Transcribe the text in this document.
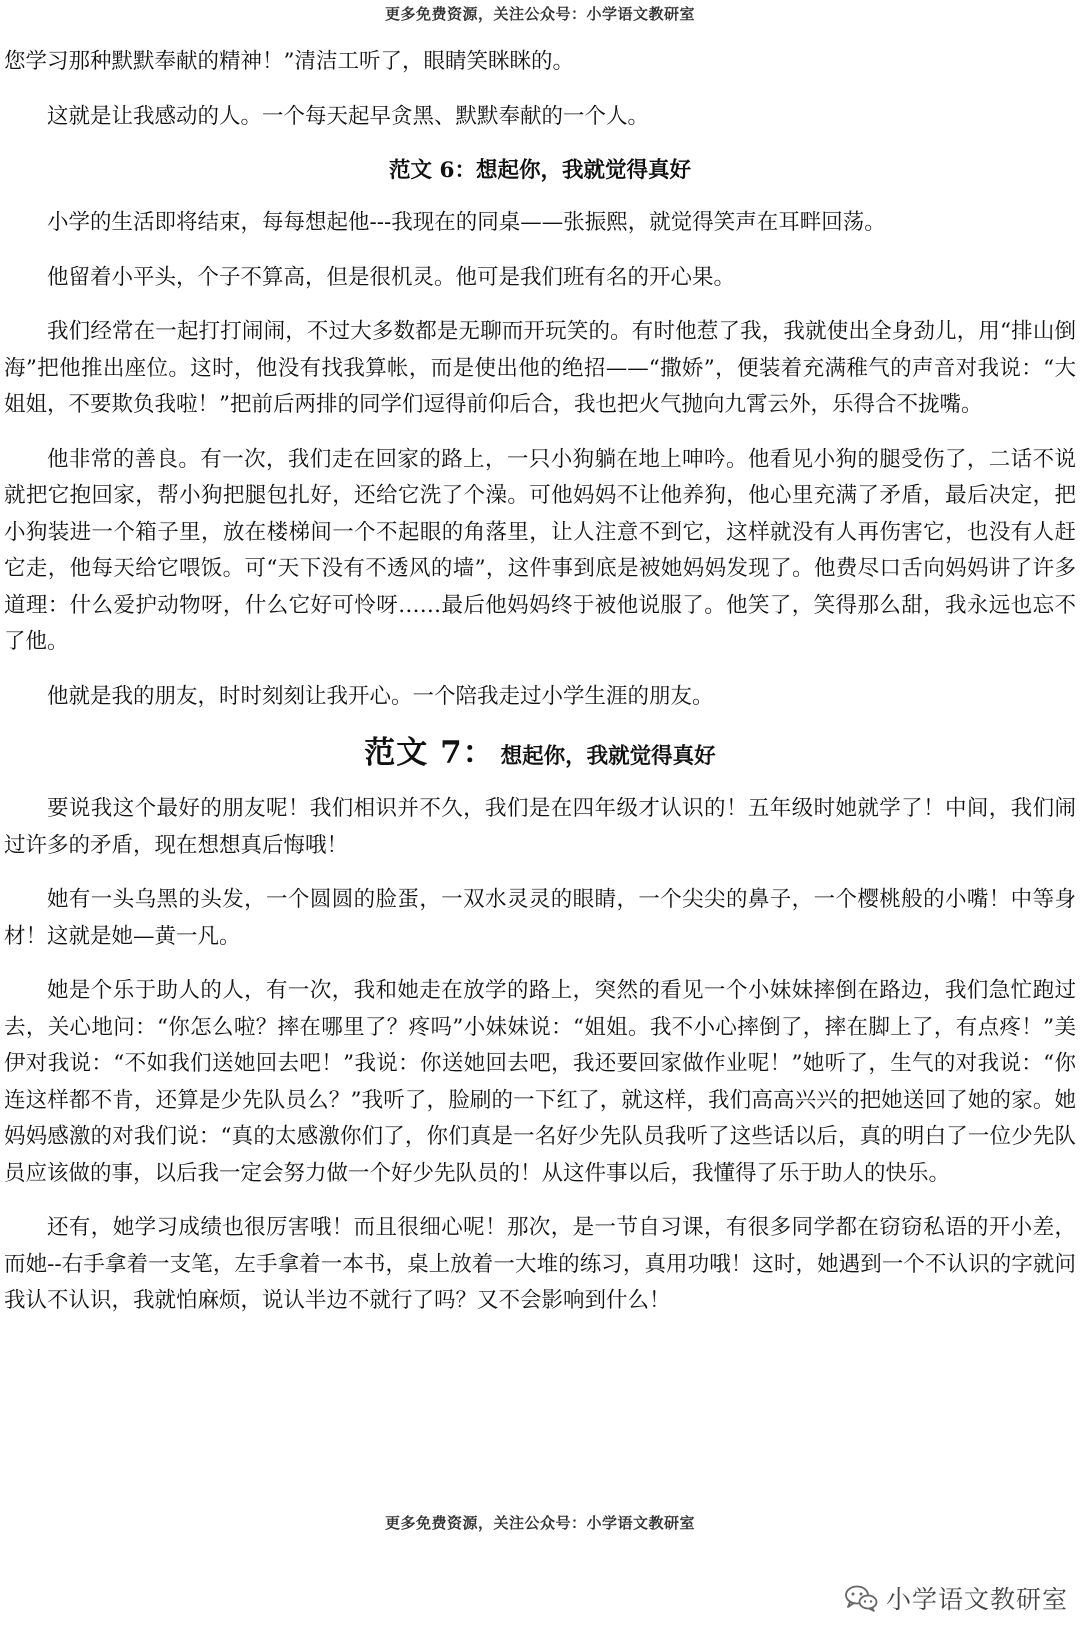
更多免费资源，关注公众号：小学语文教研室

您学习那种默默奉献的精神！”清洁工听了，眼睛笑眯眯的。

这就是让我感动的人。一个每天起早贪黑、默默奉献的一个人。

范文 6：想起你，我就觉得真好

小学的生活即将结束，每每想起他---我现在的同桌——张振熙，就觉得笑声在耳畔回荡。

他留着小平头，个子不算高，但是很机灵。他可是我们班有名的开心果。

我们经常在一起打打闹闹，不过大多数都是无聊而开玩笑的。有时他惹了我，我就使出全身劲儿，用“排山倒海”把他推出座位。这时，他没有找我算帐，而是使出他的绝招——“撒娇”，便装着充满稚气的声音对我说：“大姐姐，不要欺负我啦！”把前后两排的同学们逗得前仰后合，我也把火气抛向九霄云外，乐得合不拢嘴。

他非常的善良。有一次，我们走在回家的路上，一只小狗躺在地上呻吟。他看见小狗的腿受伤了，二话不说就把它抱回家，帮小狗把腿包扎好，还给它洗了个澡。可他妈妈不让他养狗，他心里充满了矛盾，最后决定，把小狗装进一个箱子里，放在楼梯间一个不起眼的角落里，让人注意不到它，这样就没有人再伤害它，也没有人赶它走，他每天给它喂饭。可“天下没有不透风的墙”，这件事到底是被她妈妈发现了。他费尽口舌向妈妈讲了许多道理：什么爱护动物呀，什么它好可怜呀……最后他妈妈终于被他说服了。他笑了，笑得那么甜，我永远也忘不了他。

他就是我的朋友，时时刻刻让我开心。一个陪我走过小学生涯的朋友。

范文 7： 想起你，我就觉得真好

要说我这个最好的朋友呢！我们相识并不久，我们是在四年级才认识的！五年级时她就学了！中间，我们闹过许多的矛盾，现在想想真后悔哦！

她有一头乌黑的头发，一个圆圆的脸蛋，一双水灵灵的眼睛，一个尖尖的鼻子，一个樱桃般的小嘴！中等身材！这就是她—黄一凡。

她是个乐于助人的人，有一次，我和她走在放学的路上，突然的看见一个小妹妹摔倒在路边，我们急忙跑过去，关心地问：“你怎么啦？摔在哪里了？疼吗”小妹妹说：“姐姐。我不小心摔倒了，摔在脚上了，有点疼！”美伊对我说：“不如我们送她回去吧！”我说：你送她回去吧，我还要回家做作业呢！”她听了，生气的对我说：“你连这样都不肯，还算是少先队员么？”我听了，脸刷的一下红了，就这样，我们高高兴兴的把她送回了她的家。她妈妈感激的对我们说：“真的太感激你们了，你们真是一名好少先队员我听了这些话以后，真的明白了一位少先队员应该做的事，以后我一定会努力做一个好少先队员的！从这件事以后，我懂得了乐于助人的快乐。

还有，她学习成绩也很厉害哦！而且很细心呢！那次，是一节自习课，有很多同学都在窃窃私语的开小差，而她--右手拿着一支笔，左手拿着一本书，桌上放着一大堆的练习，真用功哦！这时，她遇到一个不认识的字就问我认不认识，我就怕麻烦，说认半边不就行了吗？又不会影响到什么！

更多免费资源，关注公众号：小学语文教研室
小学语文教研室
